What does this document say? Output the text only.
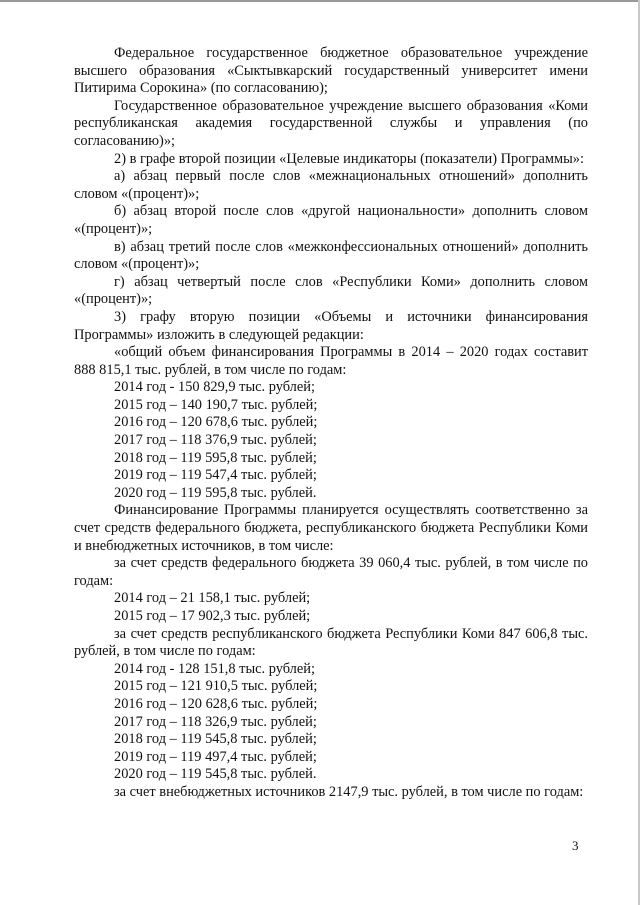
Федеральное государственное бюджетное образовательное учреждение высшего образования «Сыктывкарский государственный университет имени Питирима Сорокина» (по согласованию);

Государственное образовательное учреждение высшего образования «Коми республиканская академия государственной службы и управления (по согласованию)»;

2) в графе второй позиции «Целевые индикаторы (показатели) Программы»:

а) абзац первый после слов «межнациональных отношений» дополнить словом «(процент)»;

б) абзац второй после слов «другой национальности» дополнить словом «(процент)»;

в) абзац третий после слов «межконфессиональных отношений» дополнить словом «(процент)»;

г) абзац четвертый после слов «Республики Коми» дополнить словом «(процент)»;

3) графу вторую позиции «Объемы и источники финансирования Программы» изложить в следующей редакции:

«общий объем финансирования Программы в 2014 – 2020 годах составит 888 815,1 тыс. рублей, в том числе по годам:

2014 год - 150 829,9 тыс. рублей;

2015 год – 140 190,7 тыс. рублей;

2016 год – 120 678,6 тыс. рублей;

2017 год – 118 376,9 тыс. рублей;

2018 год – 119 595,8 тыс. рублей;

2019 год – 119 547,4 тыс. рублей;

2020 год – 119 595,8 тыс. рублей.

Финансирование Программы планируется осуществлять соответственно за счет средств федерального бюджета, республиканского бюджета Республики Коми и внебюджетных источников, в том числе:

за счет средств федерального бюджета 39 060,4 тыс. рублей, в том числе по годам:

2014 год – 21 158,1 тыс. рублей;

2015 год – 17 902,3 тыс. рублей;

за счет средств республиканского бюджета Республики Коми 847 606,8 тыс. рублей, в том числе по годам:

2014 год - 128 151,8 тыс. рублей;

2015 год – 121 910,5 тыс. рублей;

2016 год – 120 628,6 тыс. рублей;

2017 год – 118 326,9 тыс. рублей;

2018 год – 119 545,8 тыс. рублей;

2019 год – 119 497,4 тыс. рублей;

2020 год – 119 545,8 тыс. рублей.

за счет внебюджетных источников 2147,9 тыс. рублей, в том числе по годам:

3
